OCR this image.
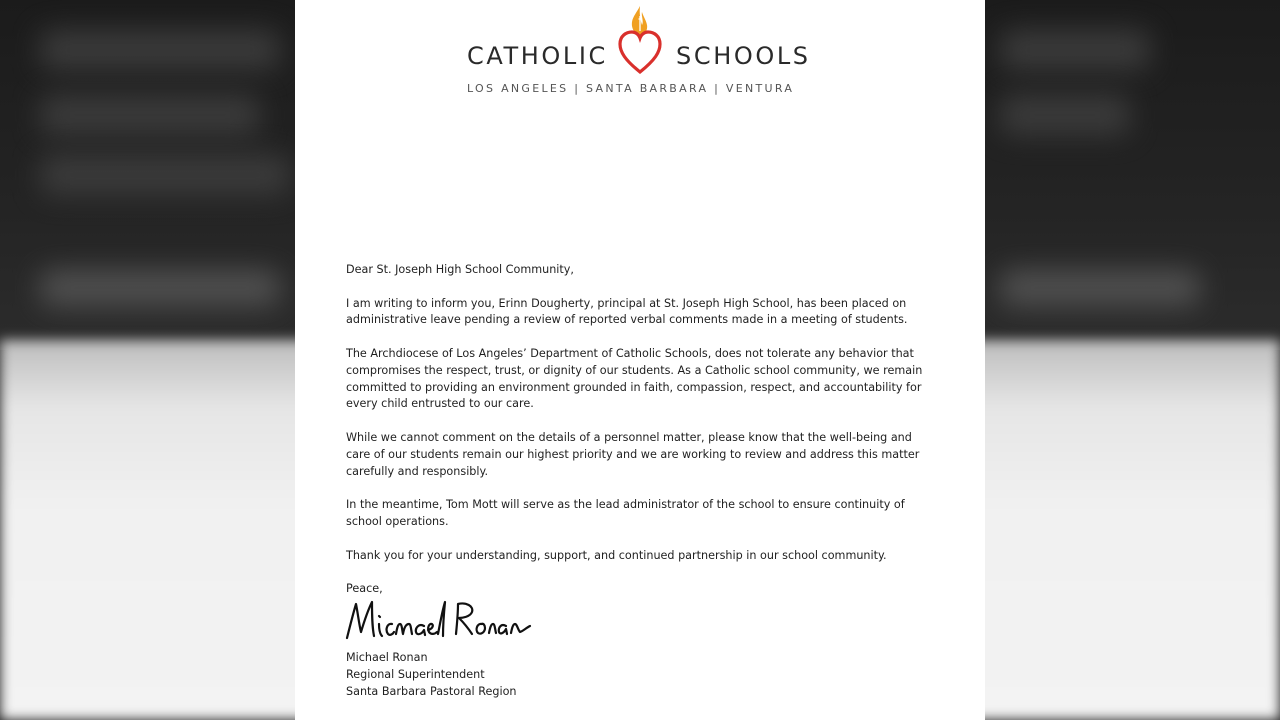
CATHOLIC	SCHOOLS
LOS ANGELES | SANTA BARBARA | VENTURA

Dear St. Joseph High School Community,

I am writing to inform you, Erinn Dougherty, principal at St. Joseph High School, has been placed on administrative leave pending a review of reported verbal comments made in a meeting of students.

The Archdiocese of Los Angeles’ Department of Catholic Schools, does not tolerate any behavior that compromises the respect, trust, or dignity of our students. As a Catholic school community, we remain committed to providing an environment grounded in faith, compassion, respect, and accountability for every child entrusted to our care.

While we cannot comment on the details of a personnel matter, please know that the well-being and care of our students remain our highest priority and we are working to review and address this matter carefully and responsibly.

In the meantime, Tom Mott will serve as the lead administrator of the school to ensure continuity of school operations.

Thank you for your understanding, support, and continued partnership in our school community.

Peace,

Michael Ronan
Regional Superintendent
Santa Barbara Pastoral Region
